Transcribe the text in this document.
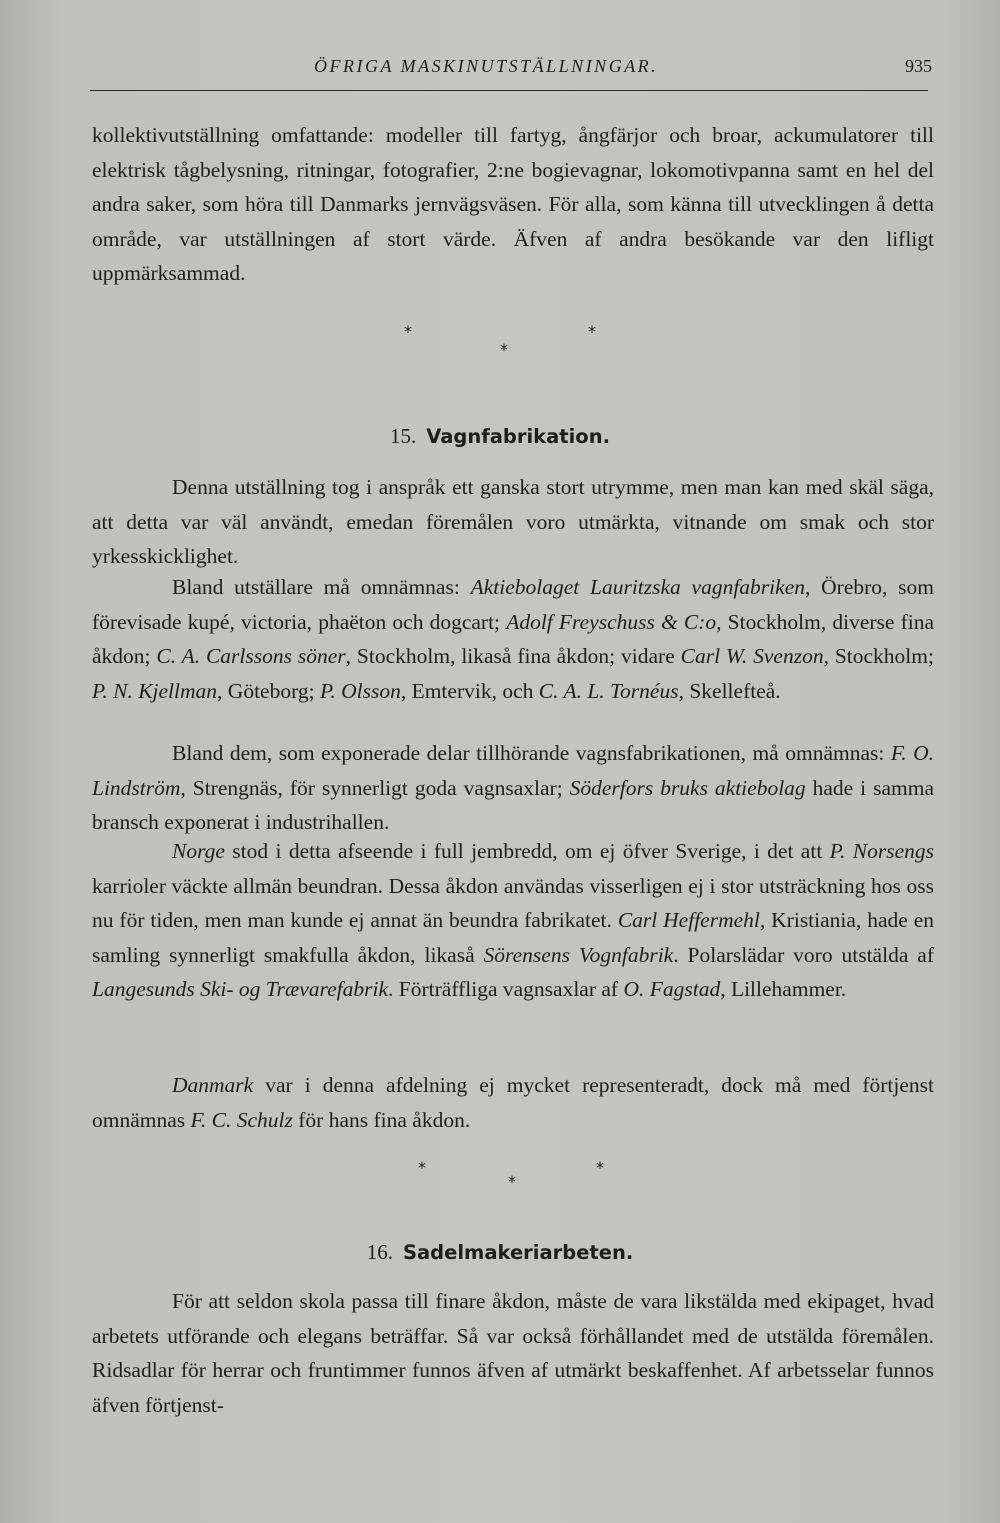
ÖFRIGA MASKINUTSTÄLLNINGAR.	935

kollektivutställning omfattande: modeller till fartyg, ångfärjor och broar, ackumulatorer till elektrisk tågbelysning, ritningar, fotografier, 2:ne bogievagnar, lokomotivpanna samt en hel del andra saker, som höra till Danmarks jernvägsväsen. För alla, som känna till utvecklingen å detta område, var utställningen af stort värde. Äfven af andra besökande var den lifligt uppmärksammad.

*
*
*
15. Vagnfabrikation.

Denna utställning tog i anspråk ett ganska stort utrymme, men man kan med skäl säga, att detta var väl användt, emedan föremålen voro utmärkta, vitnande om smak och stor yrkesskicklighet.

Bland utställare må omnämnas: Aktiebolaget Lauritzska vagnfabriken, Örebro, som förevisade kupé, victoria, phaëton och dogcart; Adolf Freyschuss & C:o, Stockholm, diverse fina åkdon; C. A. Carlssons söner, Stockholm, likaså fina åkdon; vidare Carl W. Svenzon, Stockholm; P. N. Kjellman, Göteborg; P. Olsson, Emtervik, och C. A. L. Tornéus, Skellefteå.

Bland dem, som exponerade delar tillhörande vagnsfabrikationen, må omnämnas: F. O. Lindström, Strengnäs, för synnerligt goda vagnsaxlar; Söderfors bruks aktiebolag hade i samma bransch exponerat i industrihallen.

Norge stod i detta afseende i full jembredd, om ej öfver Sverige, i det att P. Norsengs karrioler väckte allmän beundran. Dessa åkdon användas visserligen ej i stor utsträckning hos oss nu för tiden, men man kunde ej annat än beundra fabrikatet. Carl Heffermehl, Kristiania, hade en samling synnerligt smakfulla åkdon, likaså Sörensens Vognfabrik. Polarslädar voro utstälda af Langesunds Ski- og Trævarefabrik. Förträffliga vagnsaxlar af O. Fagstad, Lillehammer.

Danmark var i denna afdelning ej mycket representeradt, dock må med förtjenst omnämnas F. C. Schulz för hans fina åkdon.

*
*
*
16. Sadelmakeriarbeten.

För att seldon skola passa till finare åkdon, måste de vara likstälda med ekipaget, hvad arbetets utförande och elegans beträffar. Så var också förhållandet med de utstälda föremålen. Ridsadlar för herrar och fruntimmer funnos äfven af utmärkt beskaffenhet. Af arbetsselar funnos äfven förtjenst-
